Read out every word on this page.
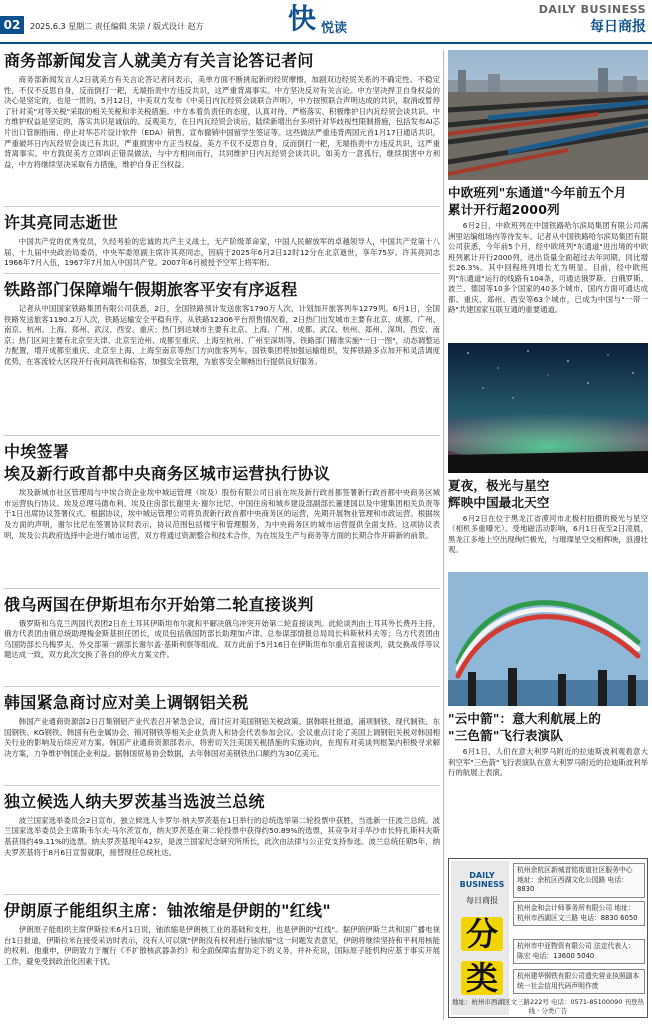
02	2025.6.3 星期二 责任编辑 朱崇 / 版式设计 赵方	快 悦读
DAILY BUSINESS
每日商报
商务部新闻发言人就美方有关言论答记者问

商务部新闻发言人2日就美方有关言论答记者问表示，美单方面不断挑起新的经贸摩擦，加剧双边经贸关系的不确定性、不稳定性，不仅不反思自身，反而倒打一耙，无端指责中方违反共识，这严重背离事实。中方坚决反对有关言论。中方坚决捍卫自身权益的决心是坚定的，也是一贯的。5月12日，中美双方发布《中美日内瓦经贸会谈联合声明》，中方按照联合声明达成的共识，取消或暂停了针对美"对等关税"采取的相关关税和非关税措施。中方本着负责任的态度，认真对待、严格落实、积极维护日内瓦经贸会谈共识。中方维护权益是坚定的，落实共识是诚信的。反观美方，在日内瓦经贸会谈后，陆续新增出台多项针对华歧视性限制措施，包括发布AI芯片出口管制指南、停止对华芯片设计软件（EDA）销售、宣布撤销中国留学生签证等。这些做法严重违背两国元首1月17日通话共识，严重破坏日内瓦经贸会谈已有共识，严重损害中方正当权益。美方不仅不反思自身，反而倒打一耙，无端指责中方违反共识，这严重背离事实。中方敦促美方立即纠正错误做法，与中方相向而行，共同维护日内瓦经贸会谈共识。如美方一意孤行，继续损害中方利益，中方将继续坚决采取有力措施，维护自身正当权益。

许其亮同志逝世

中国共产党的优秀党员，久经考验的忠诚的共产主义战士，无产阶级革命家，中国人民解放军的卓越领导人，中国共产党第十八届、十九届中央政治局委员，中央军委原副主席许其亮同志，因病于2025年6月2日12时12分在北京逝世，享年75岁。许其亮同志1966年7月入伍，1967年7月加入中国共产党。2007年6月被授予空军上将军衔。

铁路部门保障端午假期旅客平安有序返程

记者从中国国家铁路集团有限公司获悉，2日，全国铁路预计发送旅客1790万人次，计划加开旅客列车1279列。6月1日，全国铁路发送旅客1190.2万人次，铁路运输安全平稳有序。从铁路12306平台预售情况看，2日热门出发城市主要有北京、成都、广州、南京、杭州、上海、郑州、武汉、西安、重庆；热门到达城市主要有北京、上海、广州、成都、武汉、杭州、郑州、深圳、西安、南京；热门区间主要有北京至天津、北京至沧州、成都至重庆、上海至杭州、广州至深圳等。铁路部门精准实施"一日一图"，动态调整运力配置，增开成都至重庆、北京至上海、上海至南京等热门方向旅客列车。国铁集团将加强运输组织，发挥铁路多点加开和灵活调度优势，在客流较大区段开行夜间高铁和临客，加强安全管理，为旅客安全顺畅出行提供良好服务。

中埃签署
埃及新行政首都中央商务区城市运营执行协议

埃及新城市社区管理局与中埃合资企业埃中城运管理（埃及）股份有限公司日前在埃及新行政首都签署新行政首都中央商务区城市运营执行协议。埃及总理马德布利、埃及住房部长谢里夫·谢尔比尼、中国住房和城乡建设部副部长董建国以及中建集团相关负责等于1日出席协议签署仪式。根据协议，埃中城运管理公司将负责新行政首都中央商务区的运营，先期开展物业管理和市政运营。根据埃及方面的声明，谢尔比尼在签署协议时表示，协议范围包括楼宇和管理服务，为中央商务区的城市运营提供全面支持。这项协议表明，埃及公共政府选择中企进行城市运营，双方将通过资源整合和技术合作，为在埃及生产与商务等方面的长期合作开辟新的前景。

俄乌两国在伊斯坦布尔开始第二轮直接谈判

俄罗斯和乌克兰两国代表团2日在土耳其伊斯坦布尔就和平解决俄乌冲突开始第二轮直接谈判。此轮谈判由土耳其外长费丹主持，俄方代表团由俄总统助理梅金斯基担任团长，成员包括俄国防部长助理加卢津、总参谋部情报总局局长科斯秋科夫等；乌方代表团由乌国防部长乌梅罗夫、外交部第一副部长谢尔盖·基斯利察等组成。双方此前于5月16日在伊斯坦布尔重启直接谈判，就交换战俘等议题达成一致，双方此次交换了各自的停火方案文件。

韩国紧急商讨应对美上调钢铝关税

韩国产业通商资源部2日召集钢铝产业代表召开紧急会议，商讨应对美国钢铝关税政策。据韩联社报道，浦项制铁、现代制铁、东国钢铁、KG钢铁、韩国有色金属协会、锦河钢铁等相关企业负责人和协会代表参加会议。会议重点讨论了美国上调钢铝关税对韩国相关行业的影响及后续应对方案。韩国产业通商资源部表示，将密切关注美国关税措施的实施动向，在现有对美谈判框架内积极寻求解决方案，力争维护韩国企业利益。据韩国贸易协会数据，去年韩国对美钢铁出口额约为30亿美元。

独立候选人纳夫罗茨基当选波兰总统

波兰国家选举委员会2日宣布，独立候选人卡罗尔·纳夫罗茨基在1日举行的总统选举第二轮投票中获胜，当选新一任波兰总统。波兰国家选举委员会主席斯韦尔夫·马尔茨宣布，纳夫罗茨基在第二轮投票中获得约50.89%的选票，其竞争对手华沙市长特扎斯科夫斯基获得约49.11%的选票。纳夫罗茨基现年42岁，是波兰国家纪念研究所所长，此次由法律与公正党支持参选。波兰总统任期5年，纳夫罗茨基将于8月6日宣誓就职，接替现任总统杜达。

伊朗原子能组织主席：铀浓缩是伊朗的"红线"

伊朗原子能组织主席伊斯拉米6月1日说，铀浓缩是伊朗核工业的基础和支柱，也是伊朗的"红线"。据伊朗伊斯兰共和国广播电视台1日报道，伊斯拉米在接受采访时表示，没有人可以就"伊朗没有权利进行铀浓缩"这一问题发表意见，伊朗将继续坚持和平利用核能的权利。他重申，伊朗致力于履行《不扩散核武器条约》和全面保障监督协定下的义务，并补充说，国际原子能机构应基于事实开展工作，避免受到政治化因素干扰。

中欧班列"东通道"今年前五个月
累计开行超2000列

6月2日，中欧班列在中国铁路哈尔滨局集团有限公司满洲里站编组场内等待发车。记者从中国铁路哈尔滨局集团有限公司获悉，今年前5个月，经中欧班列"东通道"进出境的中欧班列累计开行2000列，进出货量全面超过去年同期，同比增长26.3%。其中回程班列增长尤为明显。目前，经中欧班列"东通道"运行的线路有104条，可通达俄罗斯、白俄罗斯、波兰、德国等10多个国家的40多个城市，国内方面可通达成都、重庆、郑州、西安等63个城市，已成为中国与"一带一路"共建国家互联互通的重要通道。

夏夜，极光与星空
辉映中国最北天空

6月2日在位于黑龙江省漠河市北极村拍摄的极光与星空（相机多重曝光）。受地磁活动影响，6月1日夜至2日凌晨，黑龙江多地上空出现绚烂极光，与璀璨星空交相辉映，浪漫壮观。

"云中箭"：意大利航展上的
"三色箭"飞行表演队

6月1日，人们在意大利罗马附近的拉迪斯波利观看意大利空军"三色箭"飞行表演队在意大利罗马附近的拉迪斯波利举行的航展上表演。

DAILY BUSINESS
每日商报
分
类
杭州余杭区新城首铭街道社区服务中心 地址：余杭区西湖文化公园路 电话：8830
杭州金和会计师事务所有限公司 地址：杭州市西湖区文三路 电话：8830 6050
杭州市中亚物资有限公司 法定代表人：陈宏 电话：13600 5040
杭州建华钢铁有限公司遗失营业执照副本 统一社会信用代码声明作废
地址：杭州市西湖区文三路222号 电话：0571-85100090 刊登热线 · 分类广告
